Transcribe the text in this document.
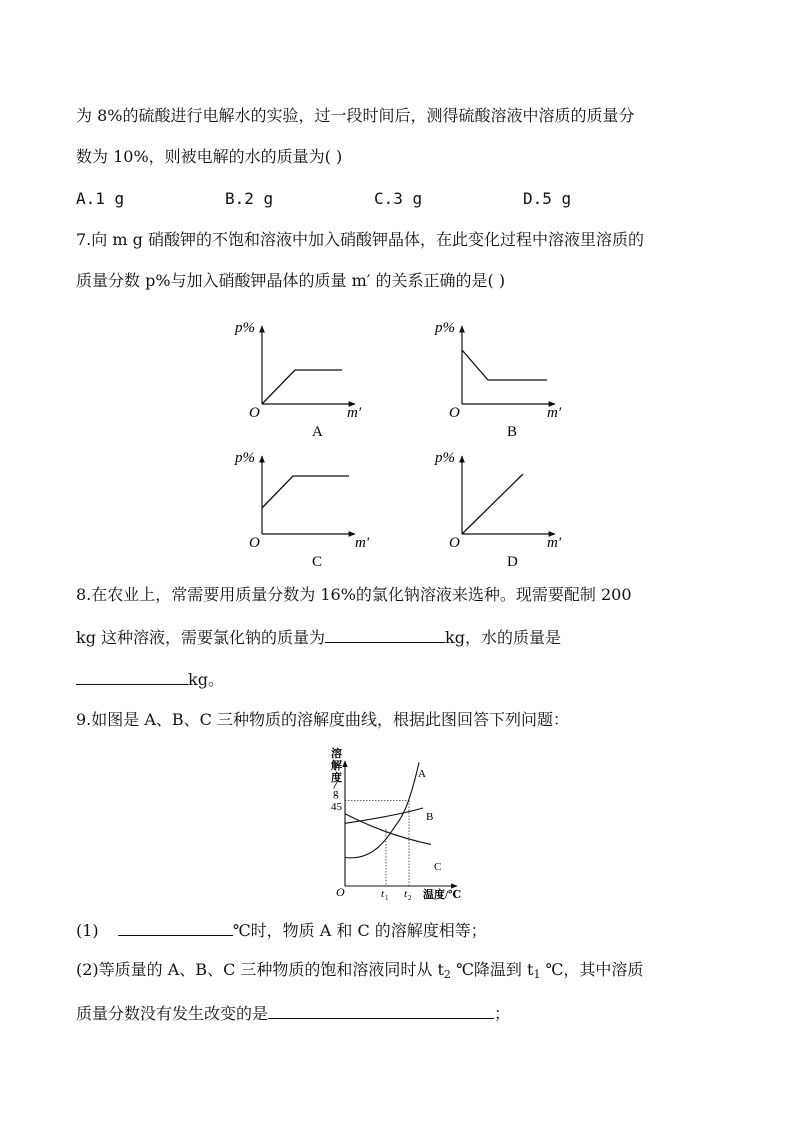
为 8%的硫酸进行电解水的实验，过一段时间后，测得硫酸溶液中溶质的质量分
数为 10%，则被电解的水的质量为( )
A.1 g	B.2 g	C.3 g	D.5 g
7.向 m g 硝酸钾的不饱和溶液中加入硝酸钾晶体，在此变化过程中溶液里溶质的
质量分数 p%与加入硝酸钾晶体的质量 m′ 的关系正确的是( )
p%
m′
O
A
p%
m′
O
B
p%
m′
O
C
p%
m′
O
D
8.在农业上，常需要用质量分数为 16%的氯化钠溶液来选种。现需要配制 200
kg 这种溶液，需要氯化钠的质量为	kg，水的质量是
kg。
9.如图是 A、B、C 三种物质的溶解度曲线，根据此图回答下列问题：
溶
解
度
g
45
O	温度/℃
t 1 t 2
A
B
C
(1)	℃时，物质 A 和 C 的溶解度相等；
(2)等质量的 A、B、C 三种物质的饱和溶液同时从 $t_2$ ℃降温到 $t_1$ ℃，其中溶质
质量分数没有发生改变的是	；
